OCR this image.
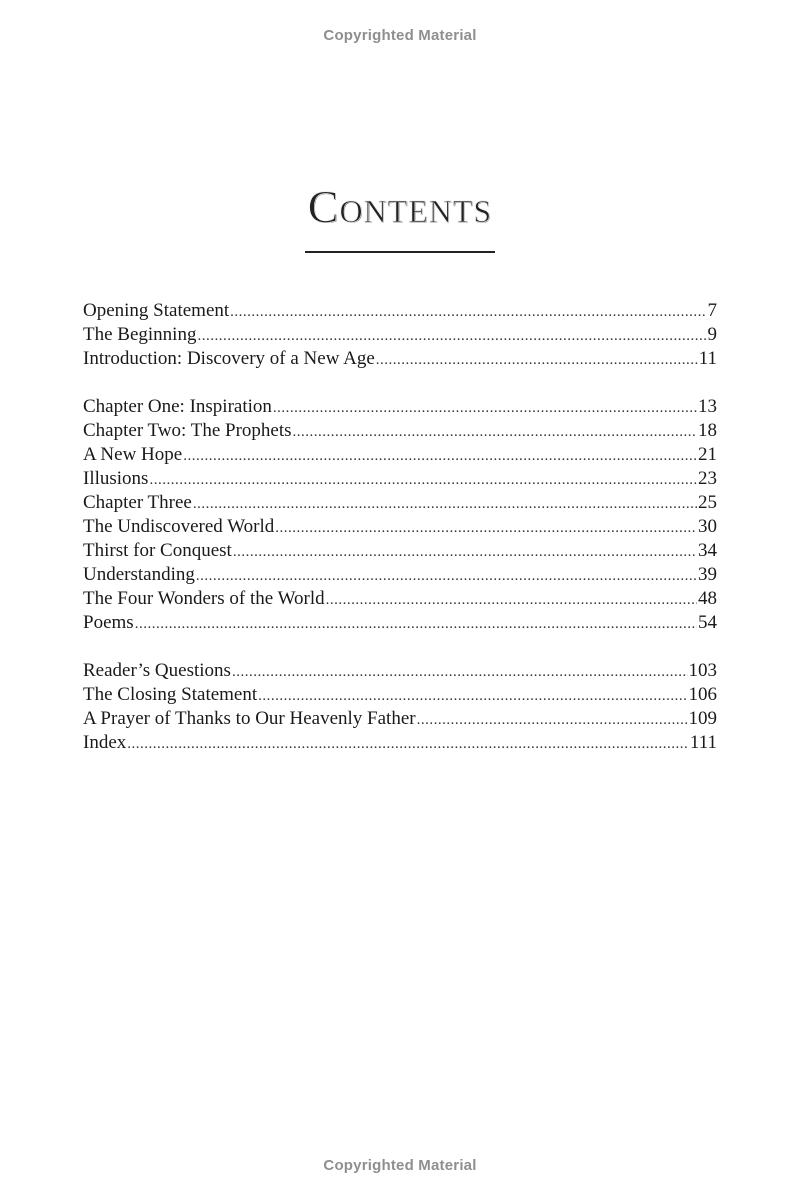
Copyrighted Material
Contents
Opening Statement .....	7
The Beginning .....	9
Introduction: Discovery of a New Age .....	11
Chapter One: Inspiration .....	13
Chapter Two: The Prophets .....	18
A New Hope .....	21
Illusions .....	23
Chapter Three .....	25
The Undiscovered World .....	30
Thirst for Conquest .....	34
Understanding .....	39
The Four Wonders of the World .....	48
Poems .....	54
Reader’s Questions .....	103
The Closing Statement .....	106
A Prayer of Thanks to Our Heavenly Father .....	109
Index .....	111
Copyrighted Material
